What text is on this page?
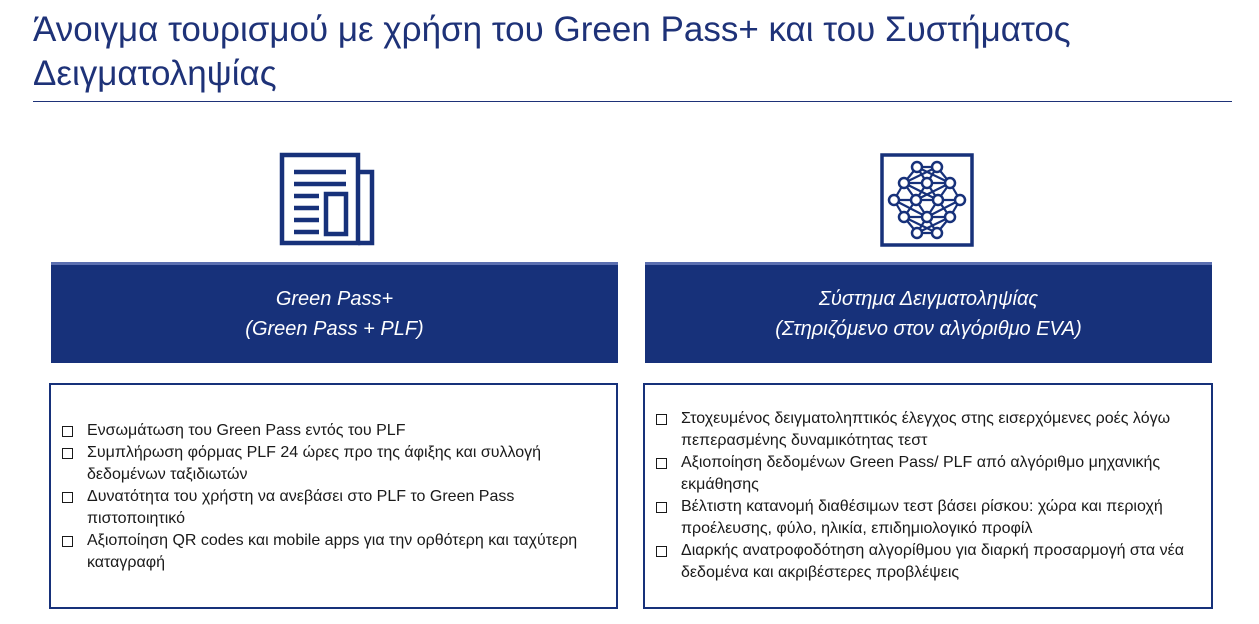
Άνοιγμα τουρισμού με χρήση του Green Pass+ και του Συστήματος Δειγματοληψίας
Green Pass+
(Green Pass + PLF)
Σύστημα Δειγματοληψίας
(Στηριζόμενο στον αλγόριθμο EVA)
Ενσωμάτωση του Green Pass εντός του PLF
Συμπλήρωση φόρμας PLF 24 ώρες προ της άφιξης και συλλογή δεδομένων ταξιδιωτών
Δυνατότητα του χρήστη να ανεβάσει στο PLF το Green Pass πιστοποιητικό
Αξιοποίηση QR codes και mobile apps για την ορθότερη και ταχύτερη καταγραφή
Στοχευμένος δειγματοληπτικός έλεγχος στης εισερχόμενες ροές λόγω πεπερασμένης δυναμικότητας τεστ
Αξιοποίηση δεδομένων Green Pass/ PLF από αλγόριθμο μηχανικής εκμάθησης
Βέλτιστη κατανομή διαθέσιμων τεστ βάσει ρίσκου: χώρα και περιοχή προέλευσης, φύλο, ηλικία, επιδημιολογικό προφίλ
Διαρκής ανατροφοδότηση αλγορίθμου για διαρκή προσαρμογή στα νέα δεδομένα και ακριβέστερες προβλέψεις
